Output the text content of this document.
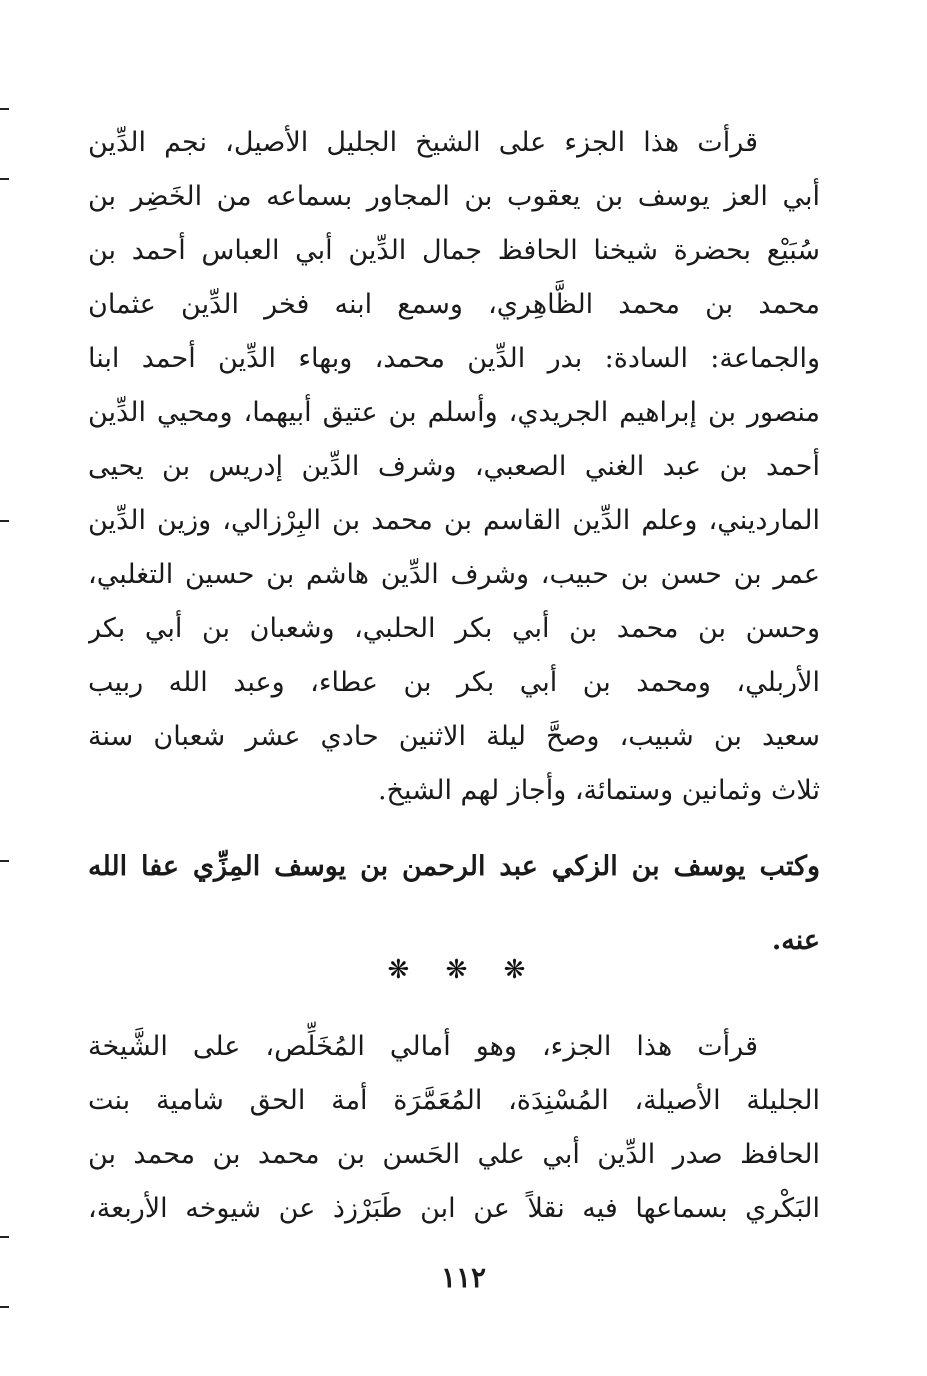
قرأت هذا الجزء على الشيخ الجليل الأصيل، نجم الدِّين
أبي العز يوسف بن يعقوب بن المجاور بسماعه من الخَضِر بن
سُبَيْع بحضرة شيخنا الحافظ جمال الدِّين أبي العباس أحمد بن
محمد بن محمد الظَّاهِري، وسمع ابنه فخر الدِّين عثمان
والجماعة: السادة: بدر الدِّين محمد، وبهاء الدِّين أحمد ابنا
منصور بن إبراهيم الجريدي، وأسلم بن عتيق أبيهما، ومحيي الدِّين
أحمد بن عبد الغني الصعبي، وشرف الدِّين إدريس بن يحيى
المارديني، وعلم الدِّين القاسم بن محمد بن البِرْزالي، وزين الدِّين
عمر بن حسن بن حبيب، وشرف الدِّين هاشم بن حسين التغلبي،
وحسن بن محمد بن أبي بكر الحلبي، وشعبان بن أبي بكر
الأربلي، ومحمد بن أبي بكر بن عطاء، وعبد الله ربيب
سعيد بن شبيب، وصحَّ ليلة الاثنين حادي عشر شعبان سنة
ثلاث وثمانين وستمائة، وأجاز لهم الشيخ.
وكتب يوسف بن الزكي عبد الرحمن بن يوسف المِزِّي عفا الله
عنه.
❋ ❋ ❋
قرأت هذا الجزء، وهو أمالي المُخَلِّص، على الشَّيخة
الجليلة الأصيلة، المُسْنِدَة، المُعَمَّرَة أمة الحق شامية بنت
الحافظ صدر الدِّين أبي علي الحَسن بن محمد بن محمد بن
البَكْري بسماعها فيه نقلاً عن ابن طَبَرْزذ عن شيوخه الأربعة،
١١٢
